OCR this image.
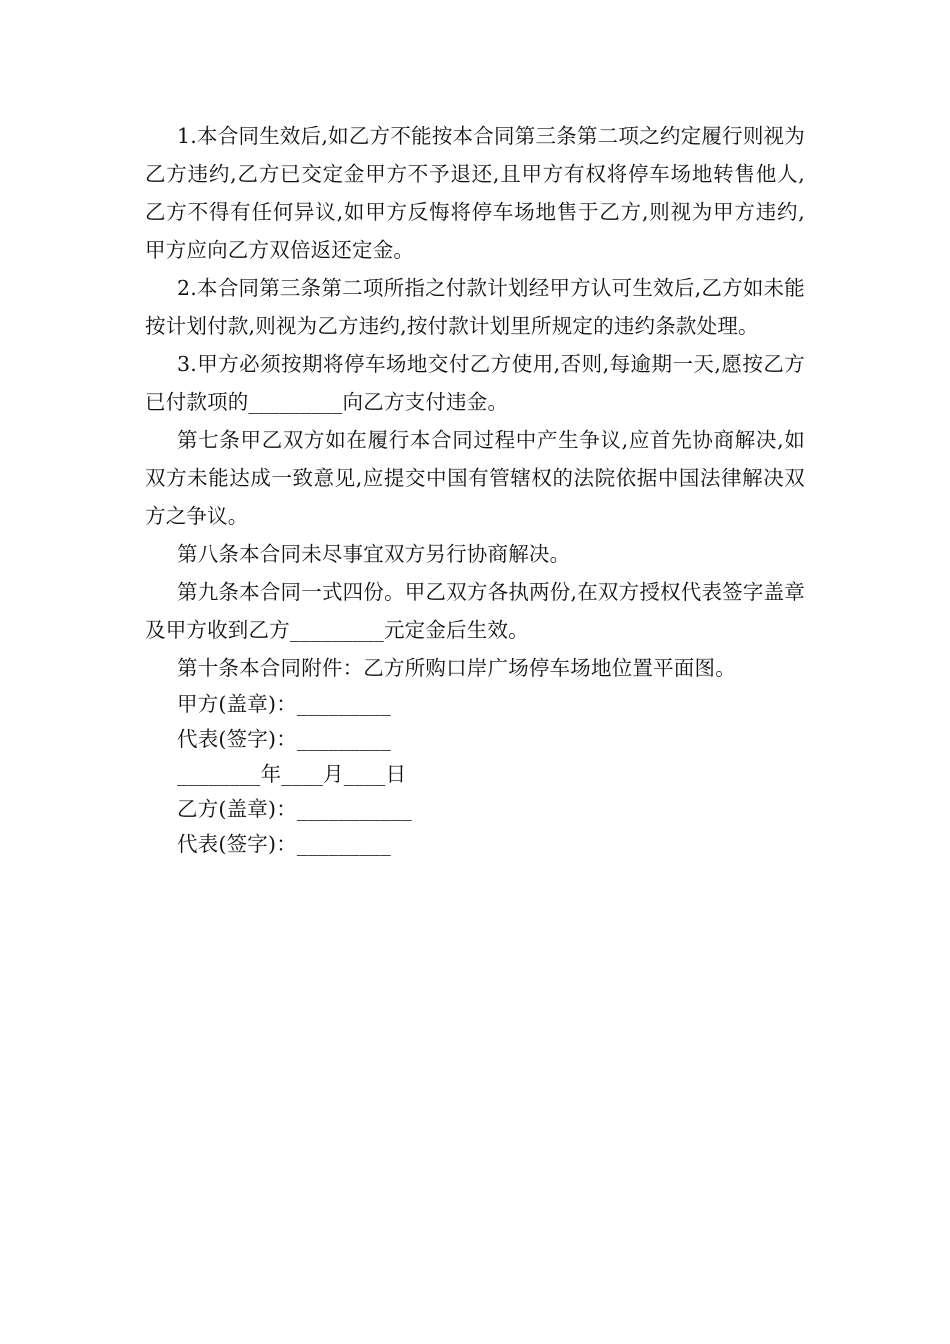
1.本合同生效后,如乙方不能按本合同第三条第二项之约定履行则视为乙方违约,乙方已交定金甲方不予退还,且甲方有权将停车场地转售他人,乙方不得有任何异议,如甲方反悔将停车场地售于乙方,则视为甲方违约,甲方应向乙方双倍返还定金。

2.本合同第三条第二项所指之付款计划经甲方认可生效后,乙方如未能按计划付款,则视为乙方违约,按付款计划里所规定的违约条款处理。

3.甲方必须按期将停车场地交付乙方使用,否则,每逾期一天,愿按乙方已付款项的_________向乙方支付违金。

第七条甲乙双方如在履行本合同过程中产生争议,应首先协商解决,如双方未能达成一致意见,应提交中国有管辖权的法院依据中国法律解决双方之争议。

第八条本合同未尽事宜双方另行协商解决。

第九条本合同一式四份。甲乙双方各执两份,在双方授权代表签字盖章及甲方收到乙方_________元定金后生效。

第十条本合同附件：乙方所购口岸广场停车场地位置平面图。

甲方(盖章)：_________

代表(签字)：_________

________年____月____日

乙方(盖章)：___________

代表(签字)：_________
